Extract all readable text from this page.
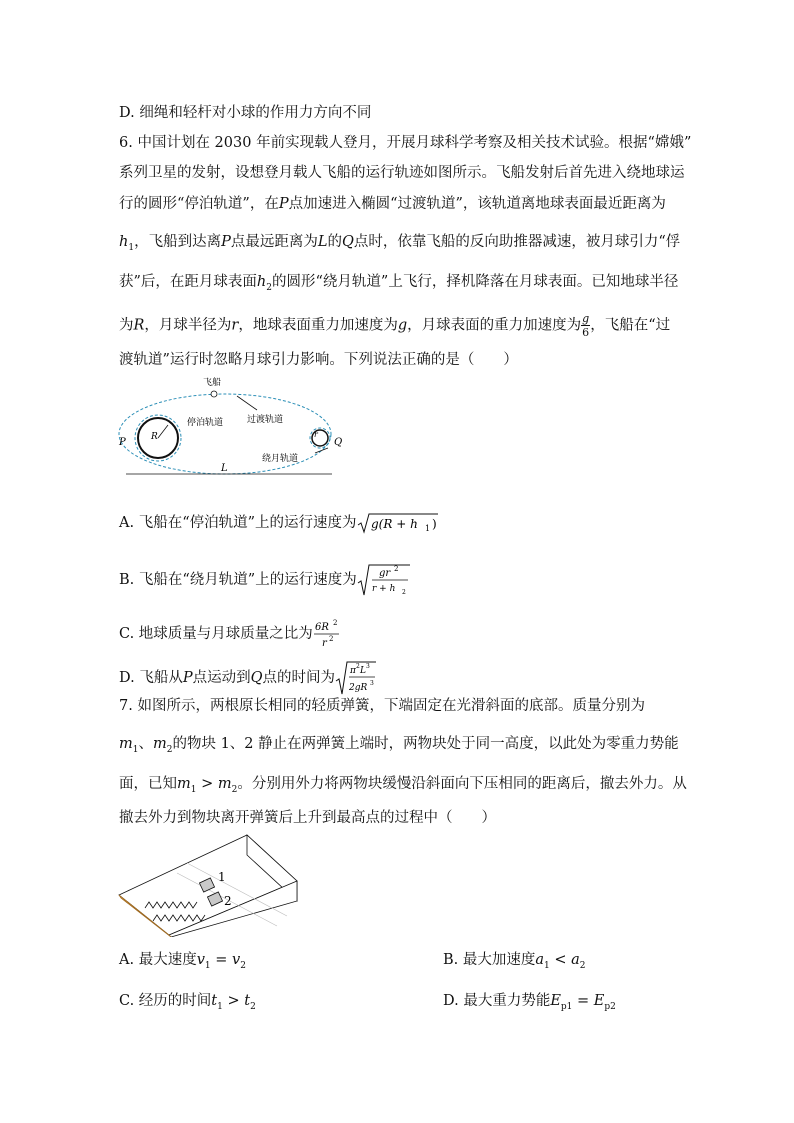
D. 细绳和轻杆对小球的作用力方向不同
6. 中国计划在 2030 年前实现载人登月，开展月球科学考察及相关技术试验。根据“嫦娥”
系列卫星的发射，设想登月载人飞船的运行轨迹如图所示。飞船发射后首先进入绕地球运
行的圆形“停泊轨道”，在P点加速进入椭圆“过渡轨道”，该轨道离地球表面最近距离为
$h_1$，飞船到达离P点最远距离为L的Q点时，依靠飞船的反向助推器减速，被月球引力“俘
获”后，在距月球表面$h_2$的圆形“绕月轨道”上飞行，择机降落在月球表面。已知地球半径
为R，月球半径为r，地球表面重力加速度为g，月球表面的重力加速度为 $\frac{g}{6}$ ，飞船在“过
渡轨道”运行时忽略月球引力影响。下列说法正确的是（　　）
飞船
停泊轨道	过渡轨道
绕月轨道
P	Q
R	r
L
A. 飞船在“停泊轨道”上的运行速度为 g(R + h 1 )
B. 飞船在“绕月轨道”上的运行速度为 gr 2
r + h 2
C. 地球质量与月球质量之比为 6R 2
r 2
D. 飞船从P点运动到Q点的时间为 π 2 L 3
2gR 3
7. 如图所示，两根原长相同的轻质弹簧，下端固定在光滑斜面的底部。质量分别为
$m_1$、$m_2$的物块 1、2 静止在两弹簧上端时，两物块处于同一高度，以此处为零重力势能
面，已知$m_1 > m_2$。分别用外力将两物块缓慢沿斜面向下压相同的距离后，撤去外力。从
撤去外力到物块离开弹簧后上升到最高点的过程中（　　）
1
2
A. 最大速度$v_1 = v_2$	B. 最大加速度$a_1 < a_2$
C. 经历的时间$t_1 > t_2$	D. 最大重力势能$E_{p1} = E_{p2}$
